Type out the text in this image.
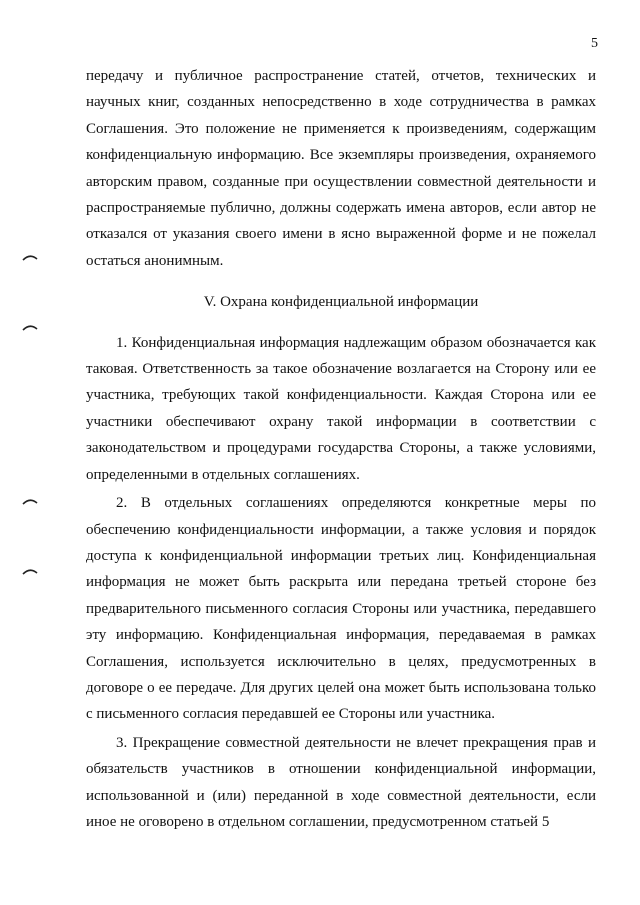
5

передачу и публичное распространение статей, отчетов, технических и научных книг, созданных непосредственно в ходе сотрудничества в рамках Соглашения. Это положение не применяется к произведениям, содержащим конфиденциальную информацию. Все экземпляры произведения, охраняемого авторским правом, созданные при осуществлении совместной деятельности и распространяемые публично, должны содержать имена авторов, если автор не отказался от указания своего имени в ясно выраженной форме и не пожелал остаться анонимным.

V. Охрана конфиденциальной информации

1. Конфиденциальная информация надлежащим образом обозначается как таковая. Ответственность за такое обозначение возлагается на Сторону или ее участника, требующих такой конфиденциальности. Каждая Сторона или ее участники обеспечивают охрану такой информации в соответствии с законодательством и процедурами государства Стороны, а также условиями, определенными в отдельных соглашениях.

2. В отдельных соглашениях определяются конкретные меры по обеспечению конфиденциальности информации, а также условия и порядок доступа к конфиденциальной информации третьих лиц. Конфиденциальная информация не может быть раскрыта или передана третьей стороне без предварительного письменного согласия Стороны или участника, передавшего эту информацию. Конфиденциальная информация, передаваемая в рамках Соглашения, используется исключительно в целях, предусмотренных в договоре о ее передаче. Для других целей она может быть использована только с письменного согласия передавшей ее Стороны или участника.

3. Прекращение совместной деятельности не влечет прекращения прав и обязательств участников в отношении конфиденциальной информации, использованной и (или) переданной в ходе совместной деятельности, если иное не оговорено в отдельном соглашении, предусмотренном статьей 5
